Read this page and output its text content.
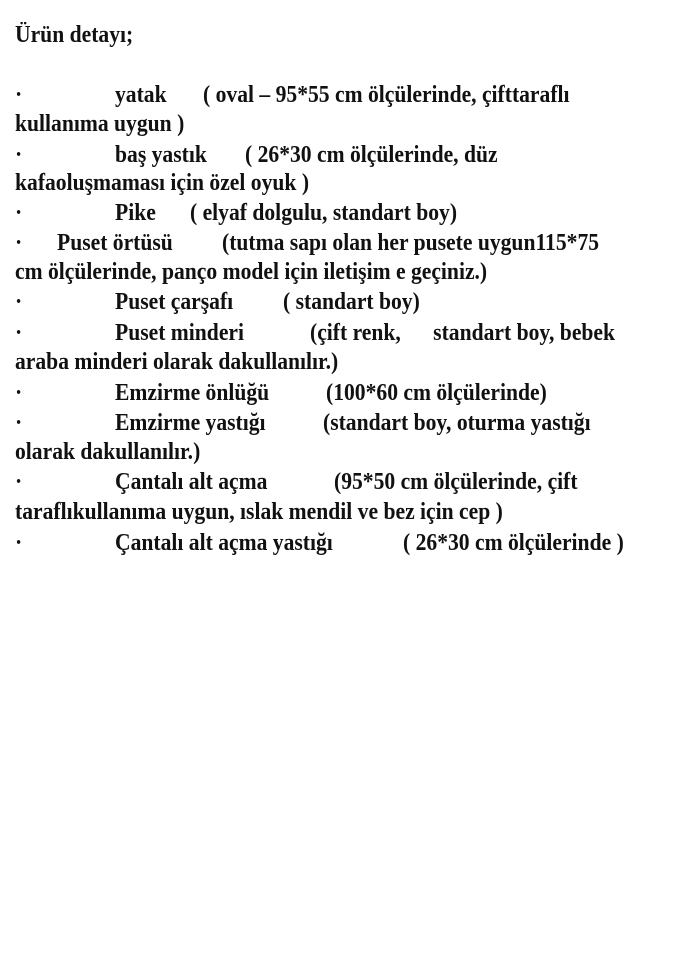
Ürün detayı;
·	yatak ( oval – 95*55 cm ölçülerinde, çifttaraflı
kullanıma uygun )
·	baş yastık ( 26*30 cm ölçülerinde, düz
kafaoluşmaması için özel oyuk )
·	Pike ( elyaf dolgulu, standart boy)
· Puset örtüsü (tutma sapı olan her pusete uygun115*75
cm ölçülerinde, panço model için iletişim e geçiniz.)
·	Puset çarşafı ( standart boy)
·	Puset minderi	(çift renk,      standart boy, bebek
araba minderi olarak dakullanılır.)
·	Emzirme önlüğü (100*60 cm ölçülerinde)
·	Emzirme yastığı (standart boy, oturma yastığı
olarak dakullanılır.)
·	Çantalı alt açma	(95*50 cm ölçülerinde, çift
taraflıkullanıma uygun, ıslak mendil ve bez için cep )
·	Çantalı alt açma yastığı	( 26*30 cm ölçülerinde )
